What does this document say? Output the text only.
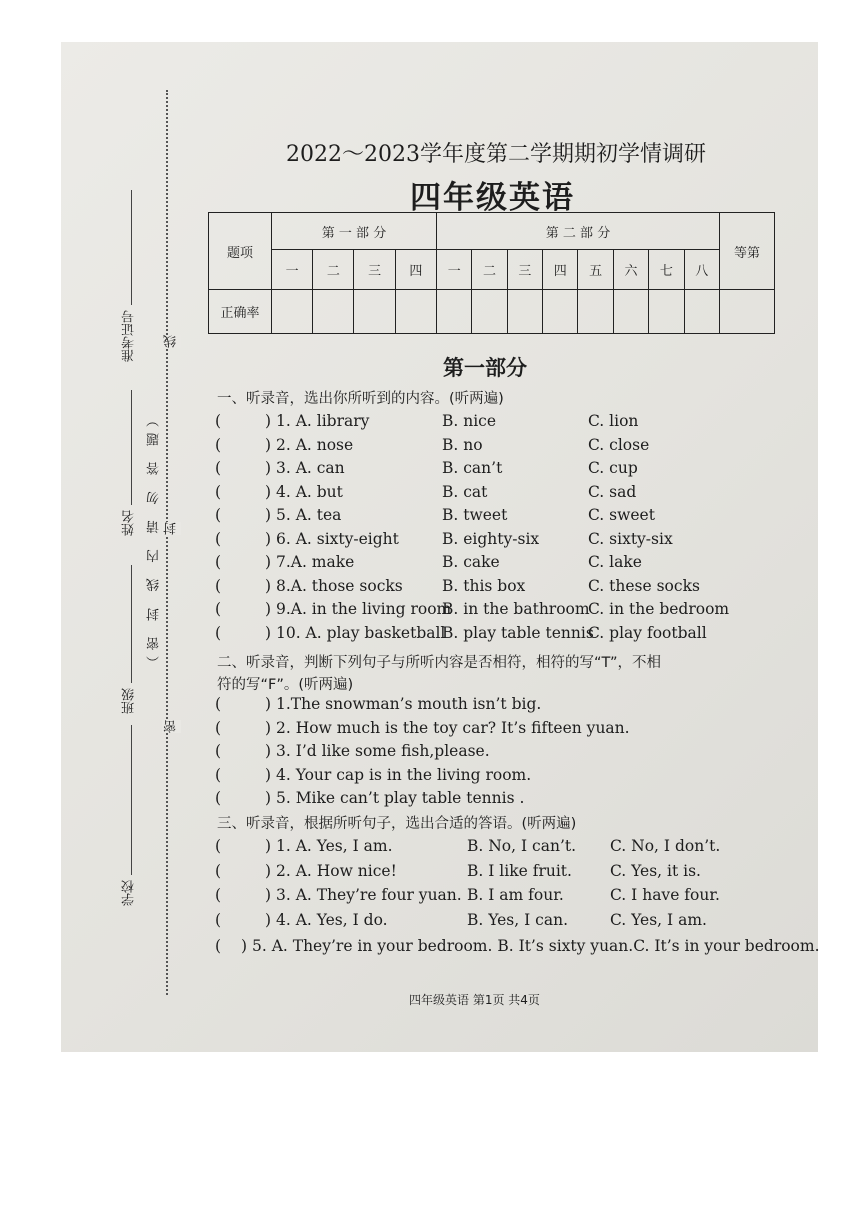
准考证号
姓名
班级
学校
（密 封 线 内 请 勿 答 题）
线
封
密
2022～2023学年度第二学期期初学情调研
四年级英语
题项	第 一 部 分				第 二 部 分								等第
	一	二	三	四	一	二	三	四	五	六	七	八	
正确率													
第一部分
一、听录音，选出你所听到的内容。(听两遍)
(	) 1. A. library	B. nice	C. lion
(	) 2. A. nose	B. no	C. close
(	) 3. A. can	B. can’t	C. cup
(	) 4. A. but	B. cat	C. sad
(	) 5. A. tea	B. tweet	C. sweet
(	) 6. A. sixty-eight	B. eighty-six	C. sixty-six
(	) 7.A. make	B. cake	C. lake
(	) 8.A. those socks	B. this box	C. these socks
(	) 9.A. in the living room
B. in the bathroom
C. in the bedroom
(	) 10. A. play basketball
B. play table tennis
C. play football
二、听录音，判断下列句子与所听内容是否相符，相符的写“T”，不相
符的写“F”。(听两遍)
(	) 1.The snowman’s mouth isn’t big.
(	) 2. How much is the toy car? It’s fifteen yuan.
(	) 3. I’d like some fish,please.
(	) 4. Your cap is in the living room.
(	) 5. Mike can’t play table tennis .
三、听录音，根据所听句子，选出合适的答语。(听两遍)
(	) 1. A. Yes, I am.	B. No, I can’t. C. No, I don’t.
(	) 2. A. How nice!	B. I like fruit. C. Yes, it is.
(	) 3. A. They’re four yuan. B. I am four.	C. I have four.
(	) 4. A. Yes, I do.	B. Yes, I can.	C. Yes, I am.
( ) 5. A. They’re in your bedroom. B. It’s sixty yuan.C. It’s in your bedroom.
四年级英语 第1页 共4页
